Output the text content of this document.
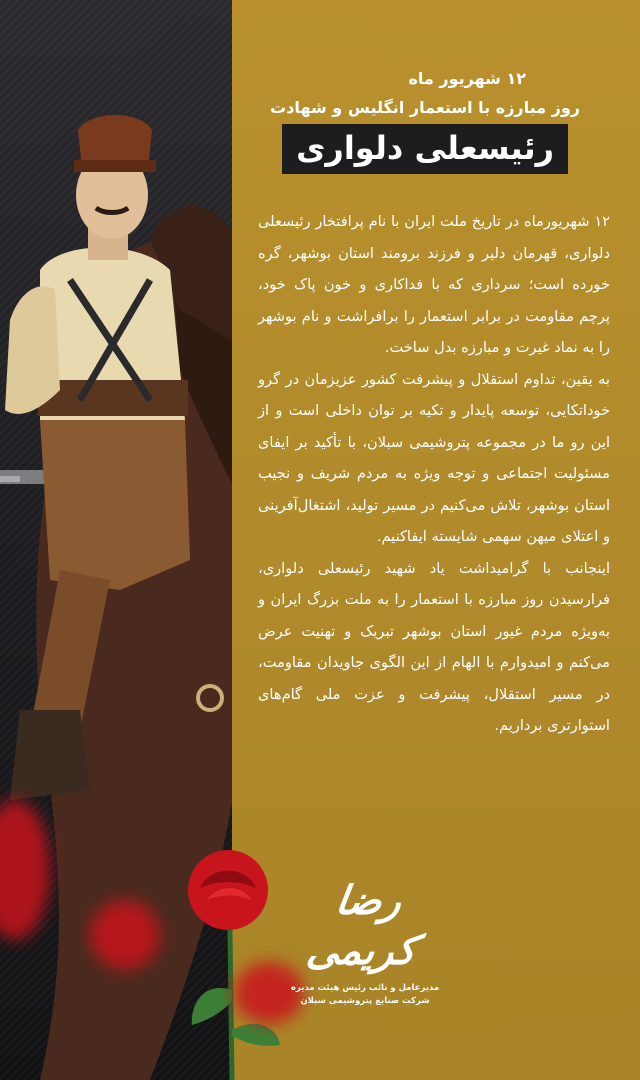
۱۲ شهریور ماه
روز مبارزه با استعمار انگلیس و شهادت
رئیسعلی دلواری

۱۲ شهریورماه در تاریخ ملت ایران با نام پرافتخار رئیسعلی دلواری، قهرمان دلیر و فرزند برومند استان بوشهر، گره خورده است؛ سرداری که با فداکاری و خون پاک خود، پرچم مقاومت در برابر استعمار را برافراشت و نام بوشهر را به نماد غیرت و مبارزه بدل ساخت.

به یقین، تداوم استقلال و پیشرفت کشور عزیزمان در گرو خوداتکایی، توسعه پایدار و تکیه بر توان داخلی است و از این رو ما در مجموعه پتروشیمی سبلان، با تأکید بر ایفای مسئولیت اجتماعی و توجه ویژه به مردم شریف و نجیب استان بوشهر، تلاش می‌کنیم در مسیر تولید، اشتغال‌آفرینی و اعتلای میهن سهمی شایسته ایفاکنیم.

اینجانب با گرامیداشت یاد شهید رئیسعلی دلواری، فرارسیدن روز مبارزه با استعمار را به ملت بزرگ ایران و به‌ویژه مردم غیور استان بوشهر تبریک و تهنیت عرض می‌کنم و امیدوارم با الهام از این الگوی جاویدان مقاومت، در مسیر استقلال، پیشرفت و عزت ملی گام‌های استوارتری برداریم.

رضا کریمی
مدیرعامل و نائب رئیس هیئت مدیره
شرکت صنایع پتروشیمی سبلان
